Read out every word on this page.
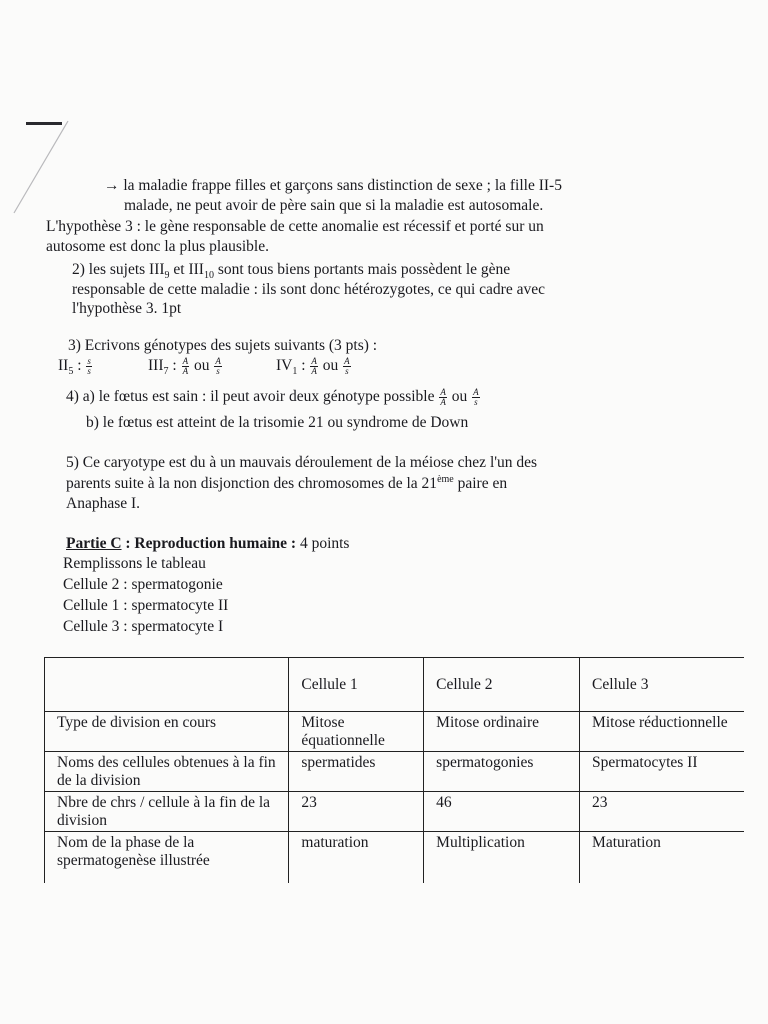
→ la maladie frappe filles et garçons sans distinction de sexe ; la fille II-5
malade, ne peut avoir de père sain que si la maladie est autosomale.
L'hypothèse 3 : le gène responsable de cette anomalie est récessif et porté sur un
autosome est donc la plus plausible.
2) les sujets $III_9$ et $III_{10}$ sont tous biens portants mais possèdent le gène
responsable de cette maladie : ils sont donc hétérozygotes, ce qui cadre avec
l'hypothèse 3. 1pt
3) Ecrivons génotypes des sujets suivants (3 pts) :
$II_5$ : $\frac{s}{s}$	$III_7$ : $\frac{A}{A}$ ou $\frac{A}{s}$	$IV_1$ : $\frac{A}{A}$ ou $\frac{A}{s}$
4) a) le fœtus est sain : il peut avoir deux génotype possible $\frac{A}{A}$ ou $\frac{A}{s}$
b) le fœtus est atteint de la trisomie 21 ou syndrome de Down
5) Ce caryotype est du à un mauvais déroulement de la méiose chez l'un des
parents suite à la non disjonction des chromosomes de la 21ème paire en
Anaphase I.
Partie C : Reproduction humaine : 4 points
Remplissons le tableau
Cellule 2 : spermatogonie
Cellule 1 : spermatocyte II
Cellule 3 : spermatocyte I
	Cellule 1	Cellule 2	Cellule 3
Type de division en cours	Mitose équationnelle	Mitose ordinaire	Mitose réductionnelle
Noms des cellules obtenues à la fin de la division	spermatides	spermatogonies	Spermatocytes II
Nbre de chrs / cellule à la fin de la division	23	46	23
Nom de la phase de la spermatogenèse illustrée	maturation	Multiplication	Maturation
